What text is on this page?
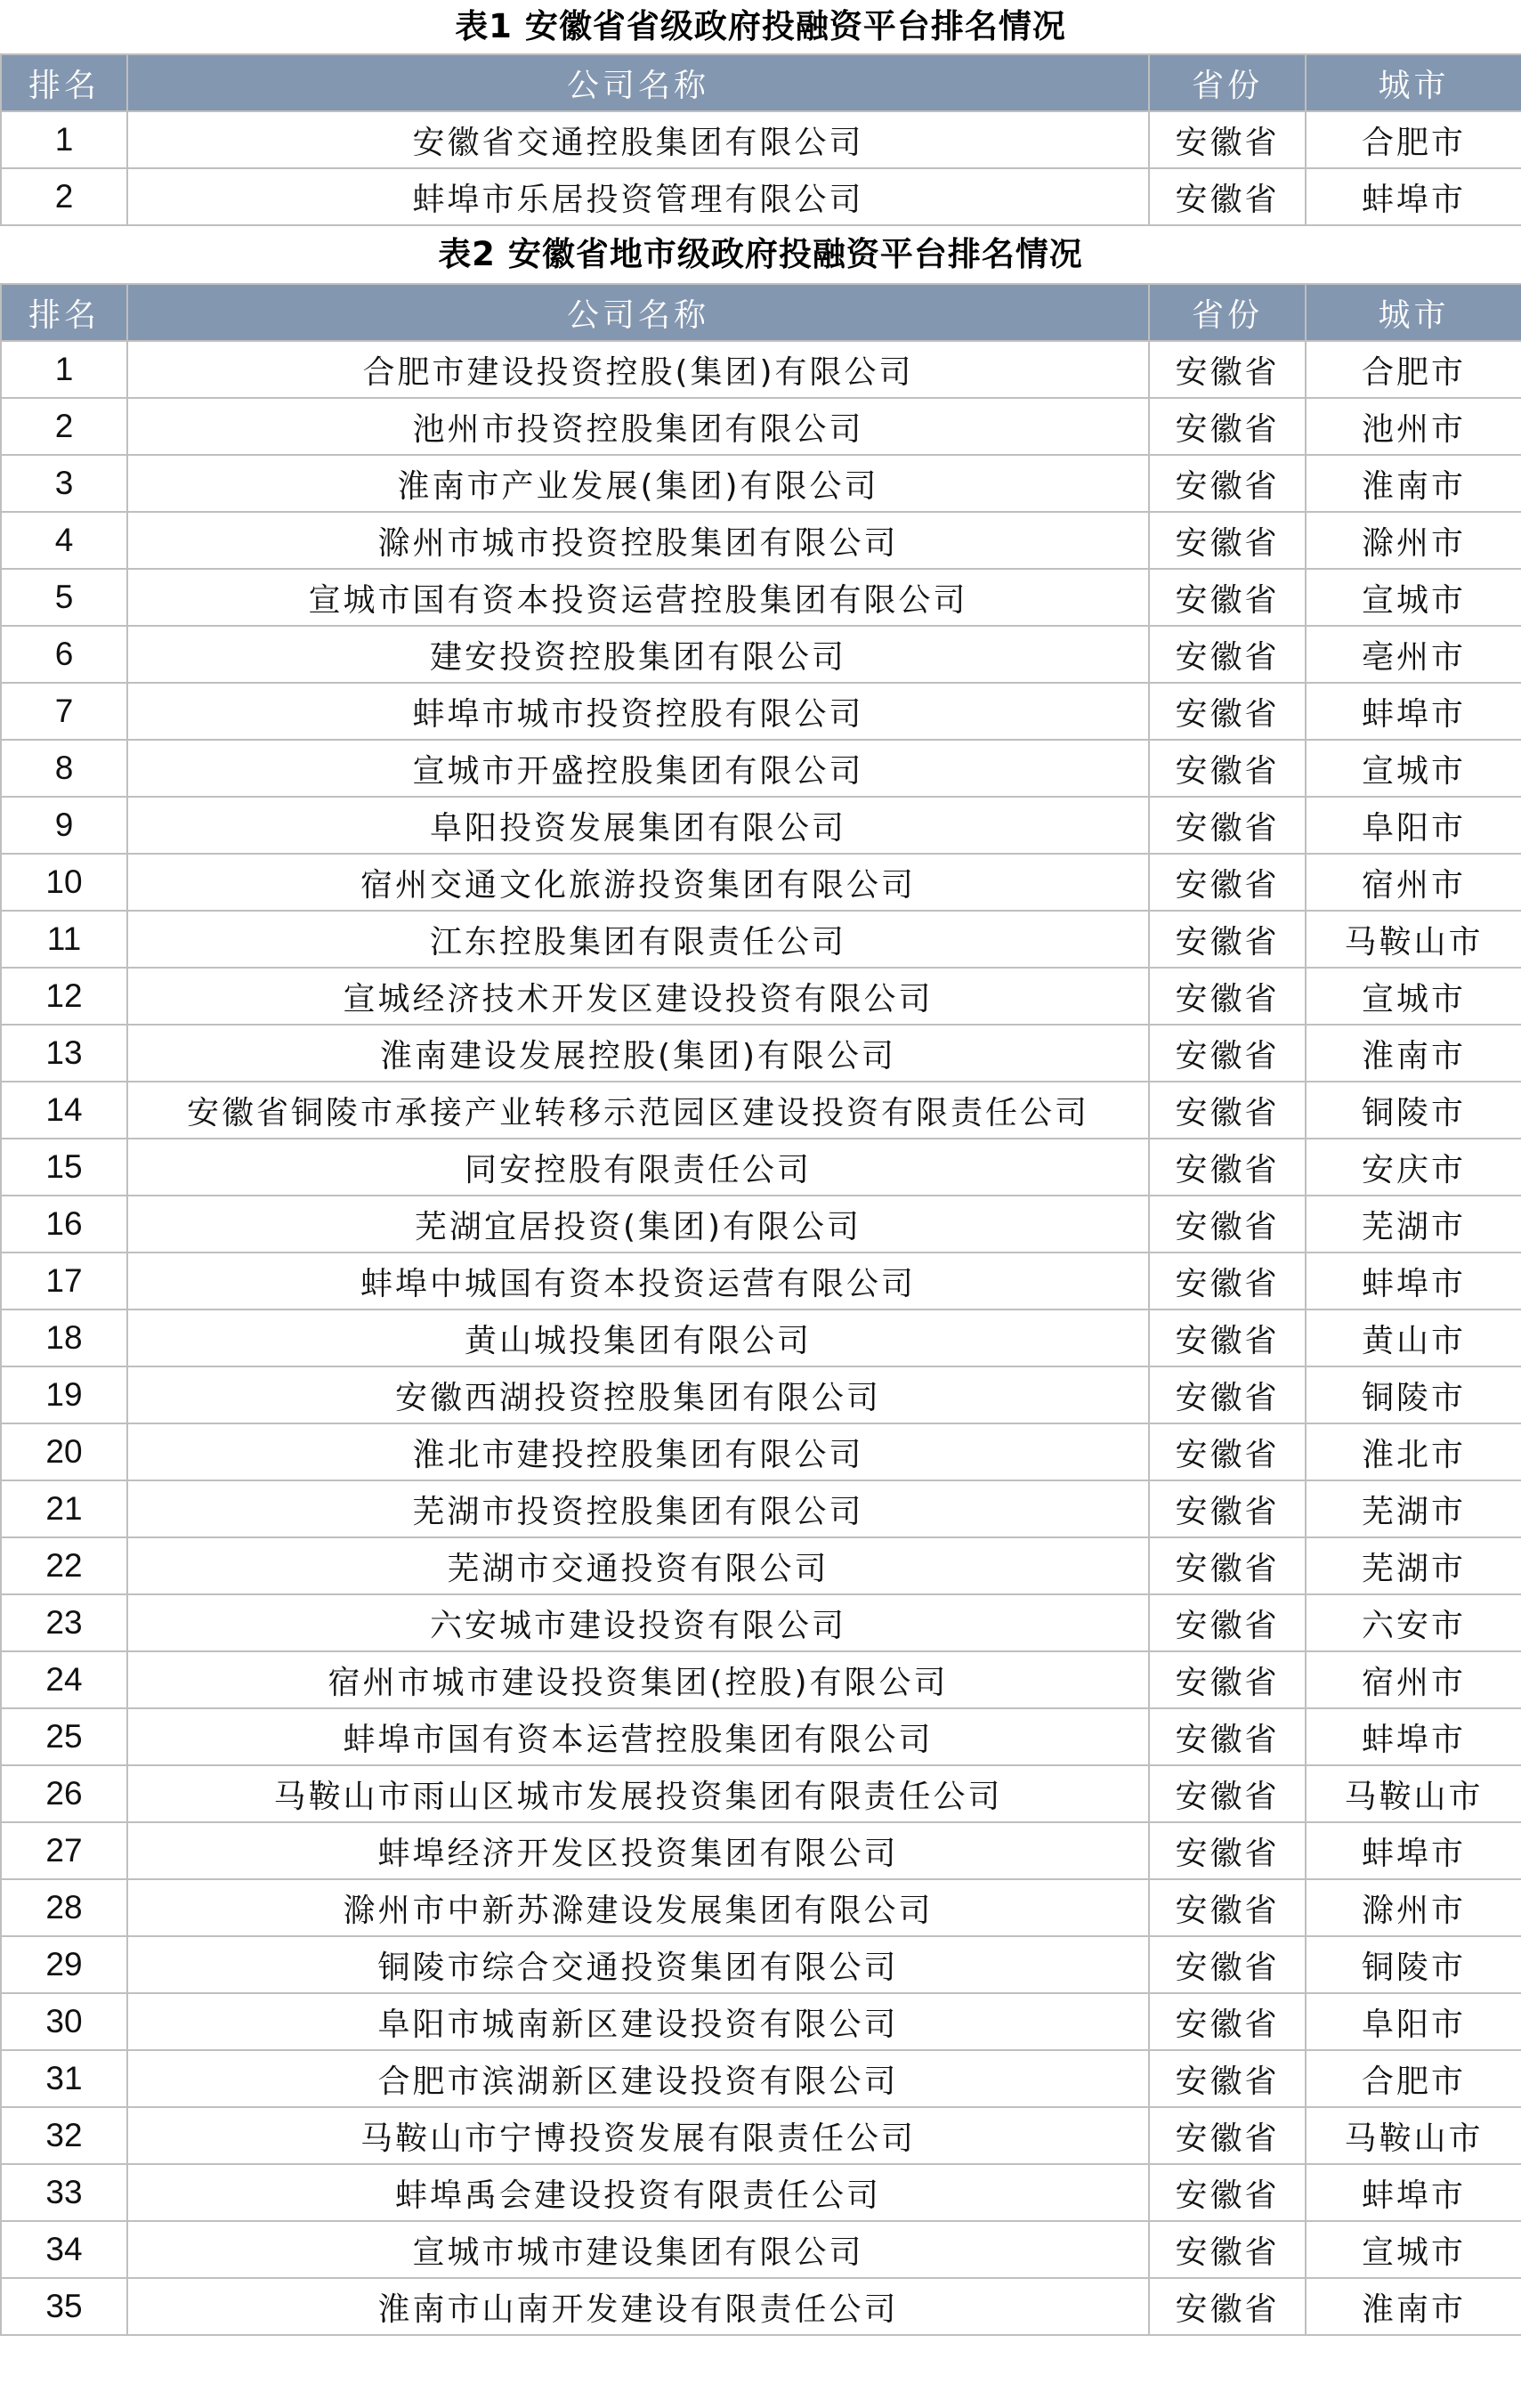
表1 安徽省省级政府投融资平台排名情况
排名	公司名称	省份	城市
1	安徽省交通控股集团有限公司	安徽省	合肥市
2	蚌埠市乐居投资管理有限公司	安徽省	蚌埠市
表2 安徽省地市级政府投融资平台排名情况
排名	公司名称	省份	城市
1	合肥市建设投资控股(集团)有限公司	安徽省	合肥市
2	池州市投资控股集团有限公司	安徽省	池州市
3	淮南市产业发展(集团)有限公司	安徽省	淮南市
4	滁州市城市投资控股集团有限公司	安徽省	滁州市
5	宣城市国有资本投资运营控股集团有限公司	安徽省	宣城市
6	建安投资控股集团有限公司	安徽省	亳州市
7	蚌埠市城市投资控股有限公司	安徽省	蚌埠市
8	宣城市开盛控股集团有限公司	安徽省	宣城市
9	阜阳投资发展集团有限公司	安徽省	阜阳市
10	宿州交通文化旅游投资集团有限公司	安徽省	宿州市
11	江东控股集团有限责任公司	安徽省	马鞍山市
12	宣城经济技术开发区建设投资有限公司	安徽省	宣城市
13	淮南建设发展控股(集团)有限公司	安徽省	淮南市
14	安徽省铜陵市承接产业转移示范园区建设投资有限责任公司	安徽省	铜陵市
15	同安控股有限责任公司	安徽省	安庆市
16	芜湖宜居投资(集团)有限公司	安徽省	芜湖市
17	蚌埠中城国有资本投资运营有限公司	安徽省	蚌埠市
18	黄山城投集团有限公司	安徽省	黄山市
19	安徽西湖投资控股集团有限公司	安徽省	铜陵市
20	淮北市建投控股集团有限公司	安徽省	淮北市
21	芜湖市投资控股集团有限公司	安徽省	芜湖市
22	芜湖市交通投资有限公司	安徽省	芜湖市
23	六安城市建设投资有限公司	安徽省	六安市
24	宿州市城市建设投资集团(控股)有限公司	安徽省	宿州市
25	蚌埠市国有资本运营控股集团有限公司	安徽省	蚌埠市
26	马鞍山市雨山区城市发展投资集团有限责任公司	安徽省	马鞍山市
27	蚌埠经济开发区投资集团有限公司	安徽省	蚌埠市
28	滁州市中新苏滁建设发展集团有限公司	安徽省	滁州市
29	铜陵市综合交通投资集团有限公司	安徽省	铜陵市
30	阜阳市城南新区建设投资有限公司	安徽省	阜阳市
31	合肥市滨湖新区建设投资有限公司	安徽省	合肥市
32	马鞍山市宁博投资发展有限责任公司	安徽省	马鞍山市
33	蚌埠禹会建设投资有限责任公司	安徽省	蚌埠市
34	宣城市城市建设集团有限公司	安徽省	宣城市
35	淮南市山南开发建设有限责任公司	安徽省	淮南市
